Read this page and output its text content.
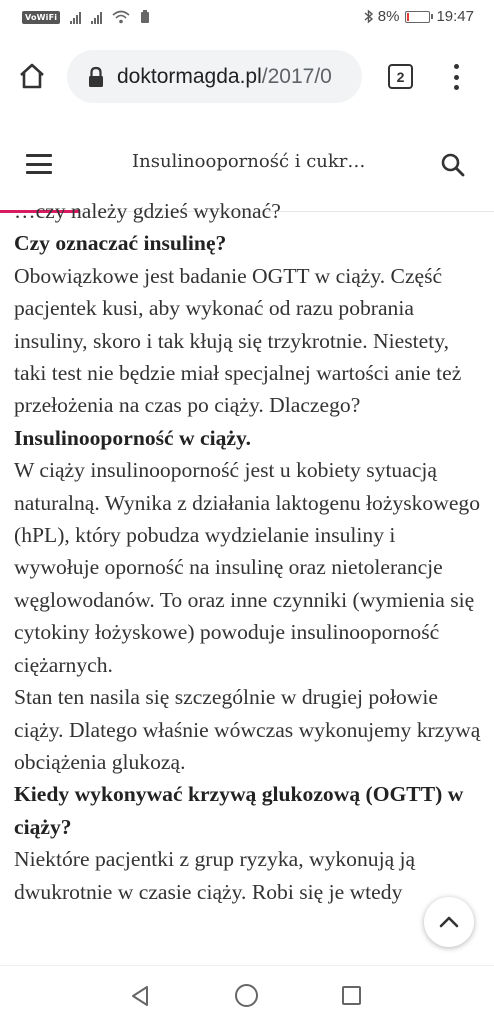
VoWiFi	8% 19:47
doktormagda.pl/2017/0	2
Insulinooporność i cukr…

…czy należy gdzieś wykonać?

Czy oznaczać insulinę?

Obowiązkowe jest badanie OGTT w ciąży. Część pacjentek kusi, aby wykonać od razu pobrania insuliny, skoro i tak kłują się trzykrotnie. Niestety, taki test nie będzie miał specjalnej wartości anie też przełożenia na czas po ciąży. Dlaczego?

Insulinooporność w ciąży.

W ciąży insulinooporność jest u kobiety sytuacją naturalną. Wynika z działania laktogenu łożyskowego (hPL), który pobudza wydzielanie insuliny i wywołuje oporność na insulinę oraz nietolerancje węglowodanów. To oraz inne czynniki (wymienia się cytokiny łożyskowe) powoduje insulinooporność ciężarnych.

Stan ten nasila się szczególnie w drugiej połowie ciąży. Dlatego właśnie wówczas wykonujemy krzywą obciążenia glukozą.

Kiedy wykonywać krzywą glukozową (OGTT) w ciąży?

Niektóre pacjentki z grup ryzyka, wykonują ją dwukrotnie w czasie ciąży. Robi się je wtedy
